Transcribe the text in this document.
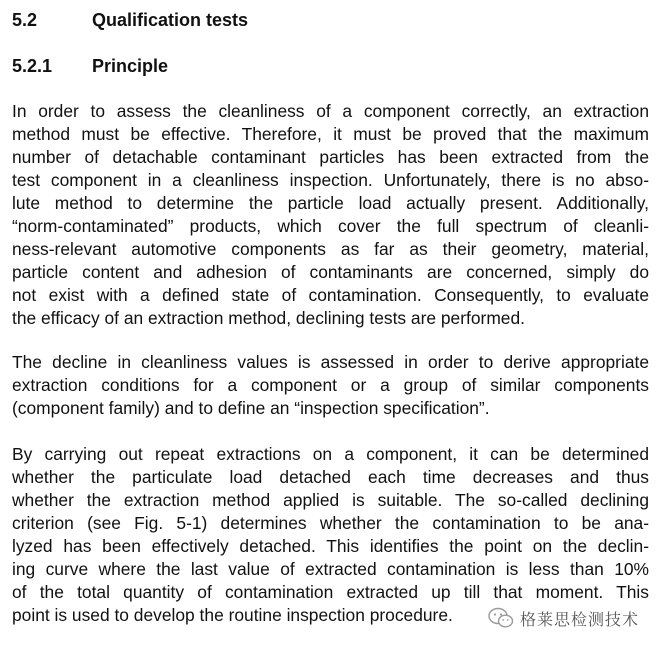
5.2	Qualification tests
5.2.1 Principle
In order to assess the cleanliness of a component correctly, an extraction
method must be effective. Therefore, it must be proved that the maximum
number of detachable contaminant particles has been extracted from the
test component in a cleanliness inspection. Unfortunately, there is no abso-
lute method to determine the particle load actually present. Additionally,
“norm-contaminated” products, which cover the full spectrum of cleanli-
ness-relevant automotive components as far as their geometry, material,
particle content and adhesion of contaminants are concerned, simply do
not exist with a defined state of contamination. Consequently, to evaluate
the efficacy of an extraction method, declining tests are performed.
The decline in cleanliness values is assessed in order to derive appropriate
extraction conditions for a component or a group of similar components
(component family) and to define an “inspection specification”.
By carrying out repeat extractions on a component, it can be determined
whether the particulate load detached each time decreases and thus
whether the extraction method applied is suitable. The so-called declining
criterion (see Fig. 5-1) determines whether the contamination to be ana-
lyzed has been effectively detached. This identifies the point on the declin-
ing curve where the last value of extracted contamination is less than 10%
of the total quantity of contamination extracted up till that moment. This
point is used to develop the routine inspection procedure.	格莱思检测技术
